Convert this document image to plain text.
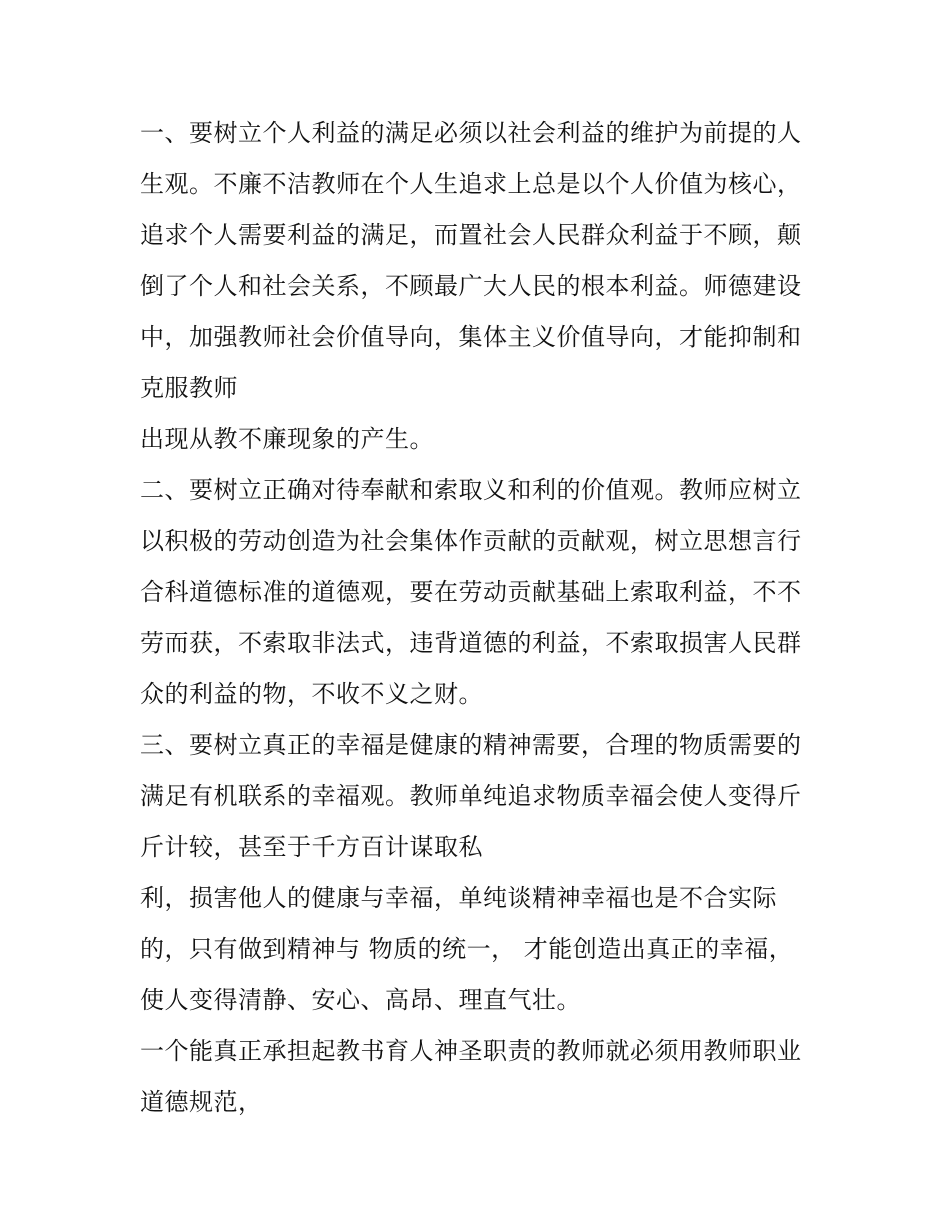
一、要树立个人利益的满足必须以社会利益的维护为前提的人
生观。不廉不洁教师在个人生追求上总是以个人价值为核心，
追求个人需要利益的满足，而置社会人民群众利益于不顾，颠
倒了个人和社会关系，不顾最广大人民的根本利益。师德建设
中，加强教师社会价值导向，集体主义价值导向，才能抑制和
克服教师
出现从教不廉现象的产生。
二、要树立正确对待奉献和索取义和利的价值观。教师应树立
以积极的劳动创造为社会集体作贡献的贡献观，树立思想言行
合科道德标准的道德观，要在劳动贡献基础上索取利益，不不
劳而获，不索取非法式，违背道德的利益，不索取损害人民群
众的利益的物，不收不义之财。
三、要树立真正的幸福是健康的精神需要，合理的物质需要的
满足有机联系的幸福观。教师单纯追求物质幸福会使人变得斤
斤计较，甚至于千方百计谋取私
利，损害他人的健康与幸福，单纯谈精神幸福也是不合实际
的，只有做到精神与 物质的统一， 才能创造出真正的幸福，
使人变得清静、安心、高昂、理直气壮。
一个能真正承担起教书育人神圣职责的教师就必须用教师职业
道德规范，
